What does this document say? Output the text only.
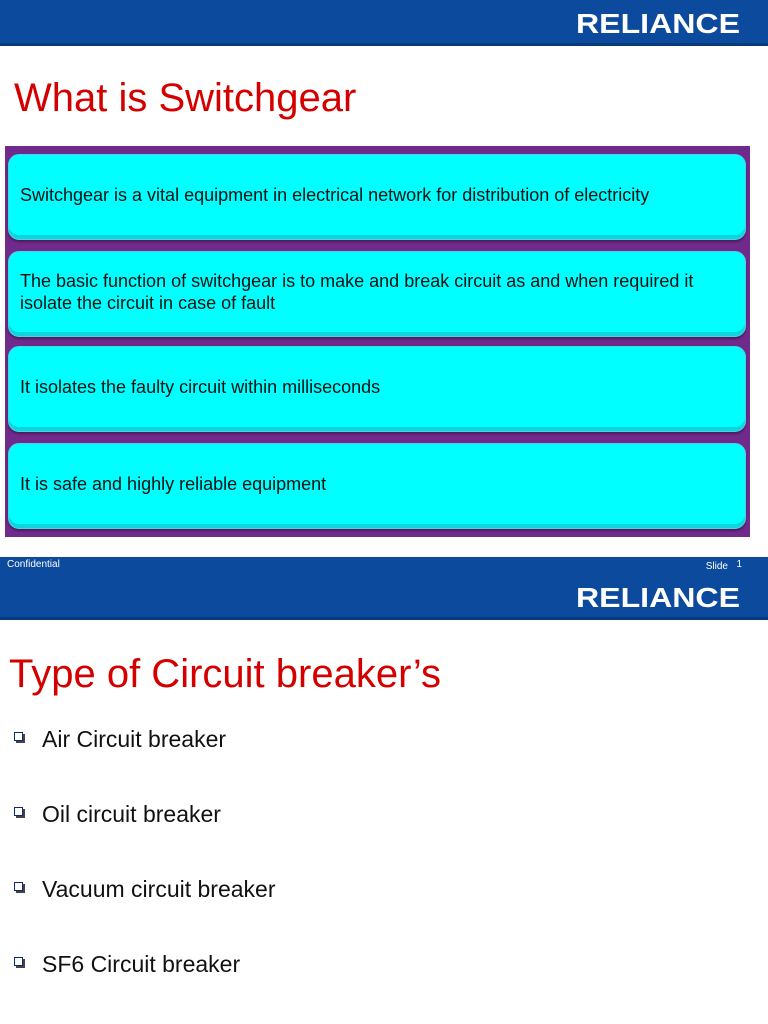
RELIANCE
What is Switchgear
Switchgear is a vital equipment in electrical network for distribution of electricity
The basic function of switchgear is to make and break circuit as and when required it isolate the circuit in case of fault
It isolates the faulty circuit within milliseconds
It is safe and highly reliable equipment
Confidential	Slide 1
RELIANCE
Type of Circuit breaker’s
Air Circuit breaker
Oil circuit breaker
Vacuum circuit breaker
SF6 Circuit breaker
